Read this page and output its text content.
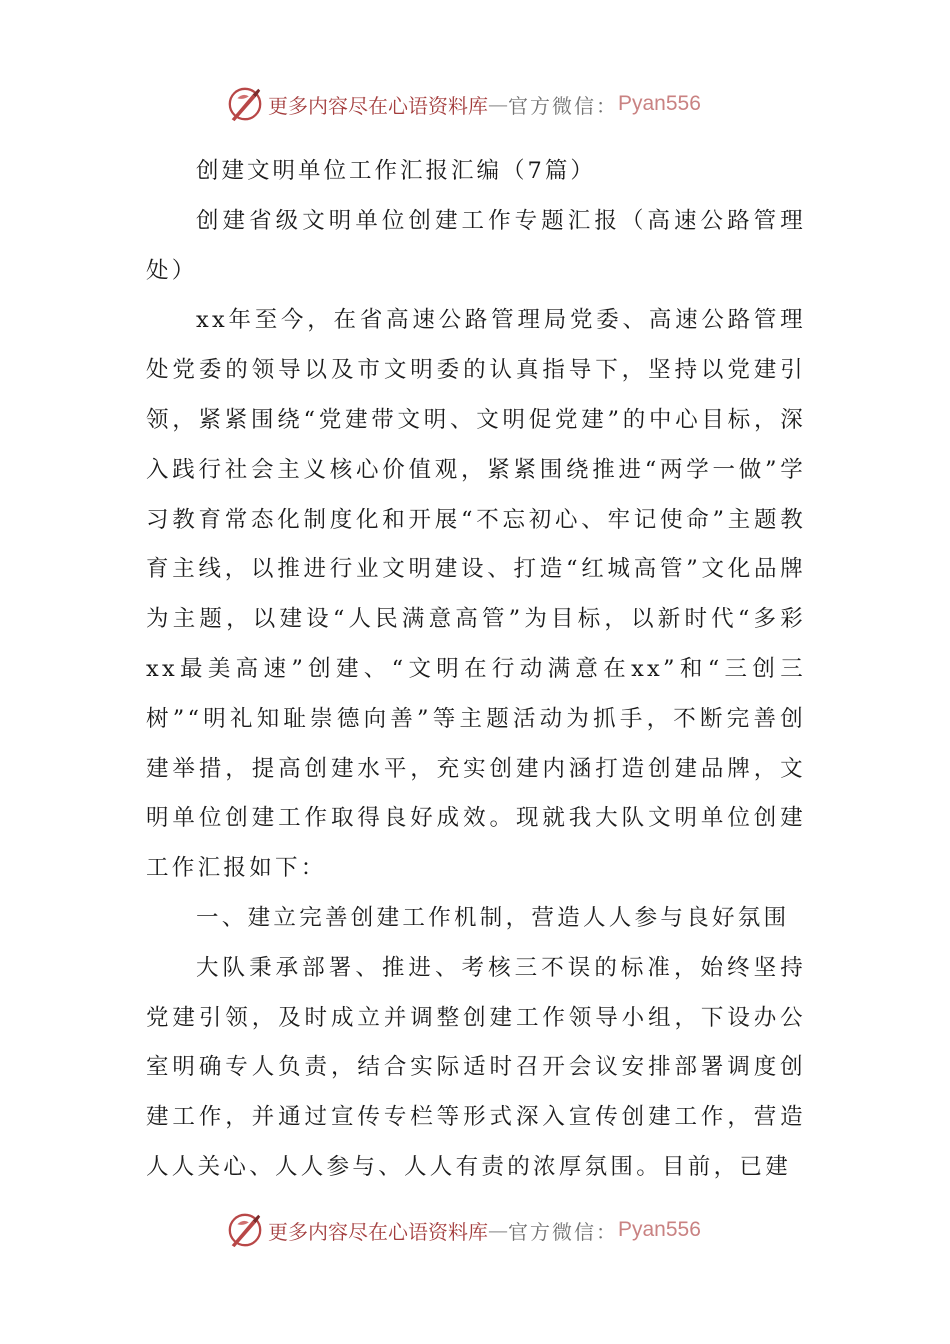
更多内容尽在心语资料库 — 官方微信： Pyan556

创建文明单位工作汇报汇编（7篇）

创建省级文明单位创建工作专题汇报（高速公路管理处）

xx年至今，在省高速公路管理局党委、高速公路管理处党委的领导以及市文明委的认真指导下，坚持以党建引领，紧紧围绕“党建带文明、文明促党建”的中心目标，深入践行社会主义核心价值观，紧紧围绕推进“两学一做”学习教育常态化制度化和开展“不忘初心、牢记使命”主题教育主线，以推进行业文明建设、打造“红城高管”文化品牌为主题，以建设“人民满意高管”为目标，以新时代“多彩xx最美高速”创建、“文明在行动满意在xx”和“三创三树”“明礼知耻崇德向善”等主题活动为抓手，不断完善创建举措，提高创建水平，充实创建内涵打造创建品牌，文明单位创建工作取得良好成效。现就我大队文明单位创建工作汇报如下：

一、建立完善创建工作机制，营造人人参与良好氛围

大队秉承部署、推进、考核三不误的标准，始终坚持党建引领，及时成立并调整创建工作领导小组，下设办公室明确专人负责，结合实际适时召开会议安排部署调度创建工作，并通过宣传专栏等形式深入宣传创建工作，营造人人关心、人人参与、人人有责的浓厚氛围。目前，已建

更多内容尽在心语资料库 — 官方微信： Pyan556
